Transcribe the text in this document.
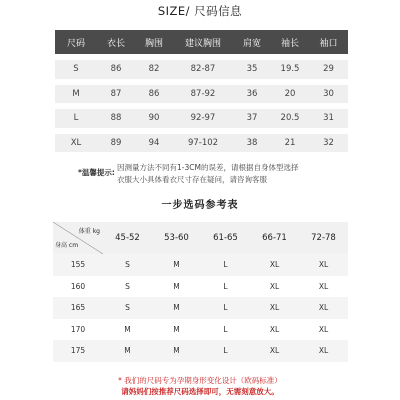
SIZE/ 尺码信息
尺码	衣长	胸围	建议胸围	肩宽	袖长	袖口

S	86	82	82-87	35	19.5	29

M	87	86	87-92	36	20	30

L	88	90	92-97	37	20.5	31

XL	89	94	97-102	38	21	32
*温馨提示:
因测量方法不同有1-3CM的误差，请根据自身体型选择
衣服大小具体看衣尺寸存在疑问，请咨询客服
一步选码参考表
体重 kg
身高 cm	45-52	53-60	61-65	66-71	72-78
155	S	M	L	XL	XL
160	S	M	L	XL	XL
165	S	M	L	XL	XL
170	M	M	L	XL	XL
175	M	M	L	XL	XL
* 我们的尺码专为孕期身形变化设计（欧码标准）
请妈妈们按推荐尺码选择即可，无需刻意放大。
